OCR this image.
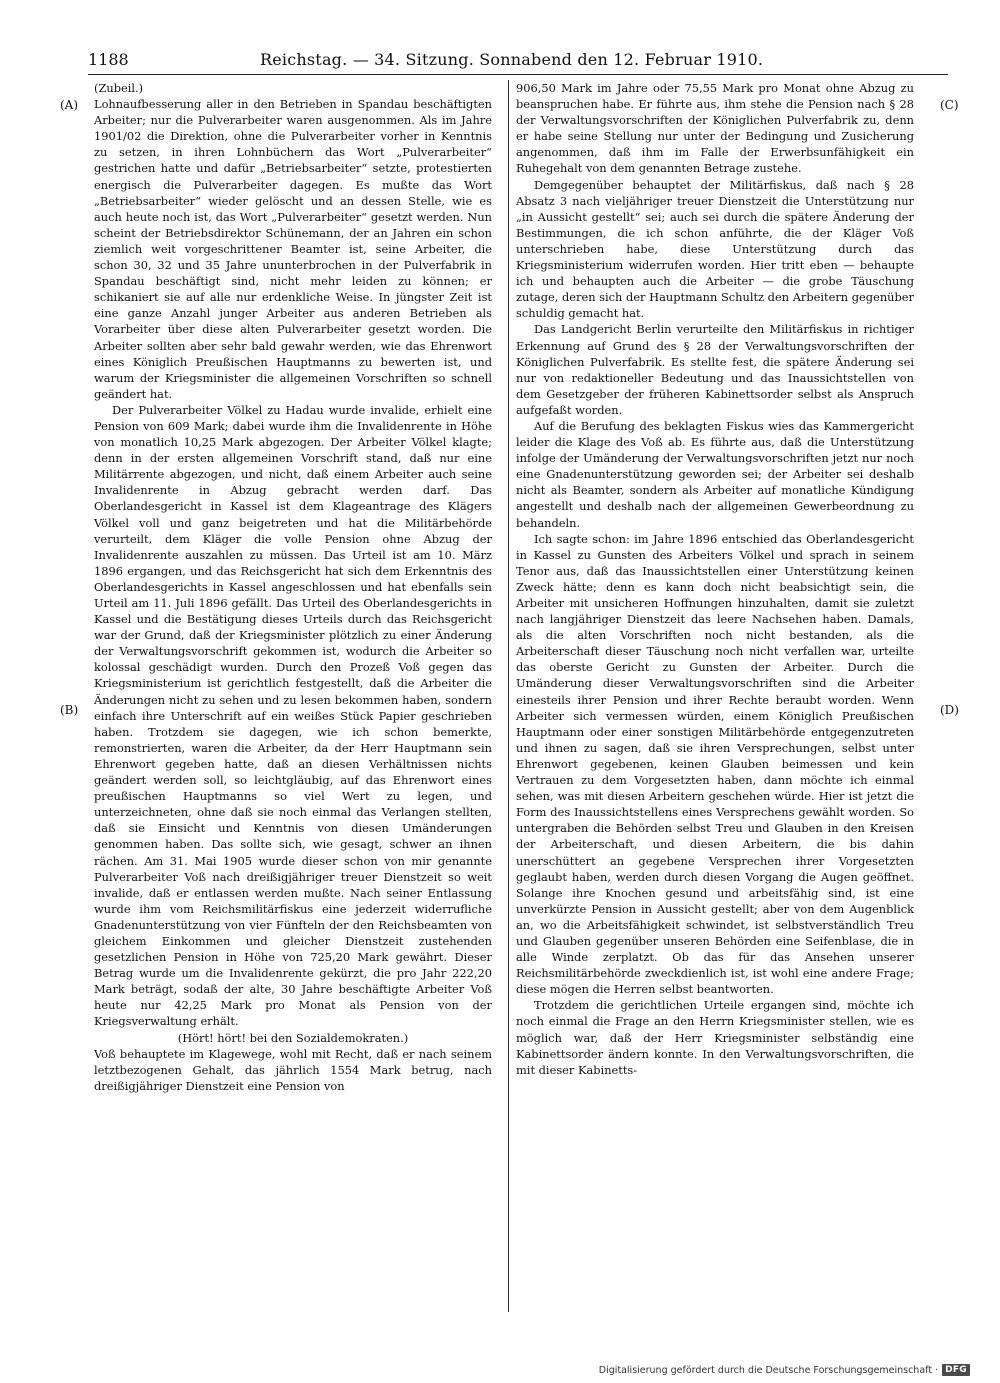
1188	Reichstag. — 34. Sitzung. Sonnabend den 12. Februar 1910.
(A)
(B)
(C)
(D)

(Zubeil.)

Lohnaufbesserung aller in den Betrieben in Spandau beschäftigten Arbeiter; nur die Pulverarbeiter waren ausgenommen. Als im Jahre 1901/02 die Direktion, ohne die Pulverarbeiter vorher in Kenntnis zu setzen, in ihren Lohnbüchern das Wort „Pulverarbeiter“ gestrichen hatte und dafür „Betriebsarbeiter“ setzte, protestierten energisch die Pulverarbeiter dagegen. Es mußte das Wort „Betriebsarbeiter“ wieder gelöscht und an dessen Stelle, wie es auch heute noch ist, das Wort „Pulverarbeiter“ gesetzt werden. Nun scheint der Betriebsdirektor Schünemann, der an Jahren ein schon ziemlich weit vorgeschrittener Beamter ist, seine Arbeiter, die schon 30, 32 und 35 Jahre ununterbrochen in der Pulverfabrik in Spandau beschäftigt sind, nicht mehr leiden zu können; er schikaniert sie auf alle nur erdenkliche Weise. In jüngster Zeit ist eine ganze Anzahl junger Arbeiter aus anderen Betrieben als Vorarbeiter über diese alten Pulverarbeiter gesetzt worden. Die Arbeiter sollten aber sehr bald gewahr werden, wie das Ehrenwort eines Königlich Preußischen Hauptmanns zu bewerten ist, und warum der Kriegsminister die allgemeinen Vorschriften so schnell geändert hat.

Der Pulverarbeiter Völkel zu Hadau wurde invalide, erhielt eine Pension von 609 Mark; dabei wurde ihm die Invalidenrente in Höhe von monatlich 10,25 Mark abgezogen. Der Arbeiter Völkel klagte; denn in der ersten allgemeinen Vorschrift stand, daß nur eine Militärrente abgezogen, und nicht, daß einem Arbeiter auch seine Invalidenrente in Abzug gebracht werden darf. Das Oberlandesgericht in Kassel ist dem Klageantrage des Klägers Völkel voll und ganz beigetreten und hat die Militärbehörde verurteilt, dem Kläger die volle Pension ohne Abzug der Invalidenrente auszahlen zu müssen. Das Urteil ist am 10. März 1896 ergangen, und das Reichsgericht hat sich dem Erkenntnis des Oberlandesgerichts in Kassel angeschlossen und hat ebenfalls sein Urteil am 11. Juli 1896 gefällt. Das Urteil des Oberlandesgerichts in Kassel und die Bestätigung dieses Urteils durch das Reichsgericht war der Grund, daß der Kriegsminister plötzlich zu einer Änderung der Verwaltungsvorschrift gekommen ist, wodurch die Arbeiter so kolossal geschädigt wurden. Durch den Prozeß Voß gegen das Kriegsministerium ist gerichtlich festgestellt, daß die Arbeiter die Änderungen nicht zu sehen und zu lesen bekommen haben, sondern einfach ihre Unterschrift auf ein weißes Stück Papier geschrieben haben. Trotzdem sie dagegen, wie ich schon bemerkte, remonstrierten, waren die Arbeiter, da der Herr Hauptmann sein Ehrenwort gegeben hatte, daß an diesen Verhältnissen nichts geändert werden soll, so leichtgläubig, auf das Ehrenwort eines preußischen Hauptmanns so viel Wert zu legen, und unterzeichneten, ohne daß sie noch einmal das Verlangen stellten, daß sie Einsicht und Kenntnis von diesen Umänderungen genommen haben. Das sollte sich, wie gesagt, schwer an ihnen rächen. Am 31. Mai 1905 wurde dieser schon von mir genannte Pulverarbeiter Voß nach dreißigjähriger treuer Dienstzeit so weit invalide, daß er entlassen werden mußte. Nach seiner Entlassung wurde ihm vom Reichsmilitärfiskus eine jederzeit widerrufliche Gnadenunterstützung von vier Fünfteln der den Reichsbeamten von gleichem Einkommen und gleicher Dienstzeit zustehenden gesetzlichen Pension in Höhe von 725,20 Mark gewährt. Dieser Betrag wurde um die Invalidenrente gekürzt, die pro Jahr 222,20 Mark beträgt, sodaß der alte, 30 Jahre beschäftigte Arbeiter Voß heute nur 42,25 Mark pro Monat als Pension von der Kriegsverwaltung erhält.

(Hört! hört! bei den Sozialdemokraten.)

Voß behauptete im Klagewege, wohl mit Recht, daß er nach seinem letztbezogenen Gehalt, das jährlich 1554 Mark betrug, nach dreißigjähriger Dienstzeit eine Pension von

906,50 Mark im Jahre oder 75,55 Mark pro Monat ohne Abzug zu beanspruchen habe. Er führte aus, ihm stehe die Pension nach § 28 der Verwaltungsvorschriften der Königlichen Pulverfabrik zu, denn er habe seine Stellung nur unter der Bedingung und Zusicherung angenommen, daß ihm im Falle der Erwerbsunfähigkeit ein Ruhegehalt von dem genannten Betrage zustehe.

Demgegenüber behauptet der Militärfiskus, daß nach § 28 Absatz 3 nach vieljähriger treuer Dienstzeit die Unterstützung nur „in Aussicht gestellt“ sei; auch sei durch die spätere Änderung der Bestimmungen, die ich schon anführte, die der Kläger Voß unterschrieben habe, diese Unterstützung durch das Kriegsministerium widerrufen worden. Hier tritt eben — behaupte ich und behaupten auch die Arbeiter — die grobe Täuschung zutage, deren sich der Hauptmann Schultz den Arbeitern gegenüber schuldig gemacht hat.

Das Landgericht Berlin verurteilte den Militärfiskus in richtiger Erkennung auf Grund des § 28 der Verwaltungsvorschriften der Königlichen Pulverfabrik. Es stellte fest, die spätere Änderung sei nur von redaktioneller Bedeutung und das Inaussichtstellen von dem Gesetzgeber der früheren Kabinettsorder selbst als Anspruch aufgefaßt worden.

Auf die Berufung des beklagten Fiskus wies das Kammergericht leider die Klage des Voß ab. Es führte aus, daß die Unterstützung infolge der Umänderung der Verwaltungsvorschriften jetzt nur noch eine Gnadenunterstützung geworden sei; der Arbeiter sei deshalb nicht als Beamter, sondern als Arbeiter auf monatliche Kündigung angestellt und deshalb nach der allgemeinen Gewerbeordnung zu behandeln.

Ich sagte schon: im Jahre 1896 entschied das Oberlandesgericht in Kassel zu Gunsten des Arbeiters Völkel und sprach in seinem Tenor aus, daß das Inaussichtstellen einer Unterstützung keinen Zweck hätte; denn es kann doch nicht beabsichtigt sein, die Arbeiter mit unsicheren Hoffnungen hinzuhalten, damit sie zuletzt nach langjähriger Dienstzeit das leere Nachsehen haben. Damals, als die alten Vorschriften noch nicht bestanden, als die Arbeiterschaft dieser Täuschung noch nicht verfallen war, urteilte das oberste Gericht zu Gunsten der Arbeiter. Durch die Umänderung dieser Verwaltungsvorschriften sind die Arbeiter einesteils ihrer Pension und ihrer Rechte beraubt worden. Wenn Arbeiter sich vermessen würden, einem Königlich Preußischen Hauptmann oder einer sonstigen Militärbehörde entgegenzutreten und ihnen zu sagen, daß sie ihren Versprechungen, selbst unter Ehrenwort gegebenen, keinen Glauben beimessen und kein Vertrauen zu dem Vorgesetzten haben, dann möchte ich einmal sehen, was mit diesen Arbeitern geschehen würde. Hier ist jetzt die Form des Inaussichtstellens eines Versprechens gewählt worden. So untergraben die Behörden selbst Treu und Glauben in den Kreisen der Arbeiterschaft, und diesen Arbeitern, die bis dahin unerschüttert an gegebene Versprechen ihrer Vorgesetzten geglaubt haben, werden durch diesen Vorgang die Augen geöffnet. Solange ihre Knochen gesund und arbeitsfähig sind, ist eine unverkürzte Pension in Aussicht gestellt; aber von dem Augenblick an, wo die Arbeitsfähigkeit schwindet, ist selbstverständlich Treu und Glauben gegenüber unseren Behörden eine Seifenblase, die in alle Winde zerplatzt. Ob das für das Ansehen unserer Reichsmilitärbehörde zweckdienlich ist, ist wohl eine andere Frage; diese mögen die Herren selbst beantworten.

Trotzdem die gerichtlichen Urteile ergangen sind, möchte ich noch einmal die Frage an den Herrn Kriegsminister stellen, wie es möglich war, daß der Herr Kriegsminister selbständig eine Kabinettsorder ändern konnte. In den Verwaltungsvorschriften, die mit dieser Kabinetts-

Digitalisierung gefördert durch die Deutsche Forschungsgemeinschaft · DFG
